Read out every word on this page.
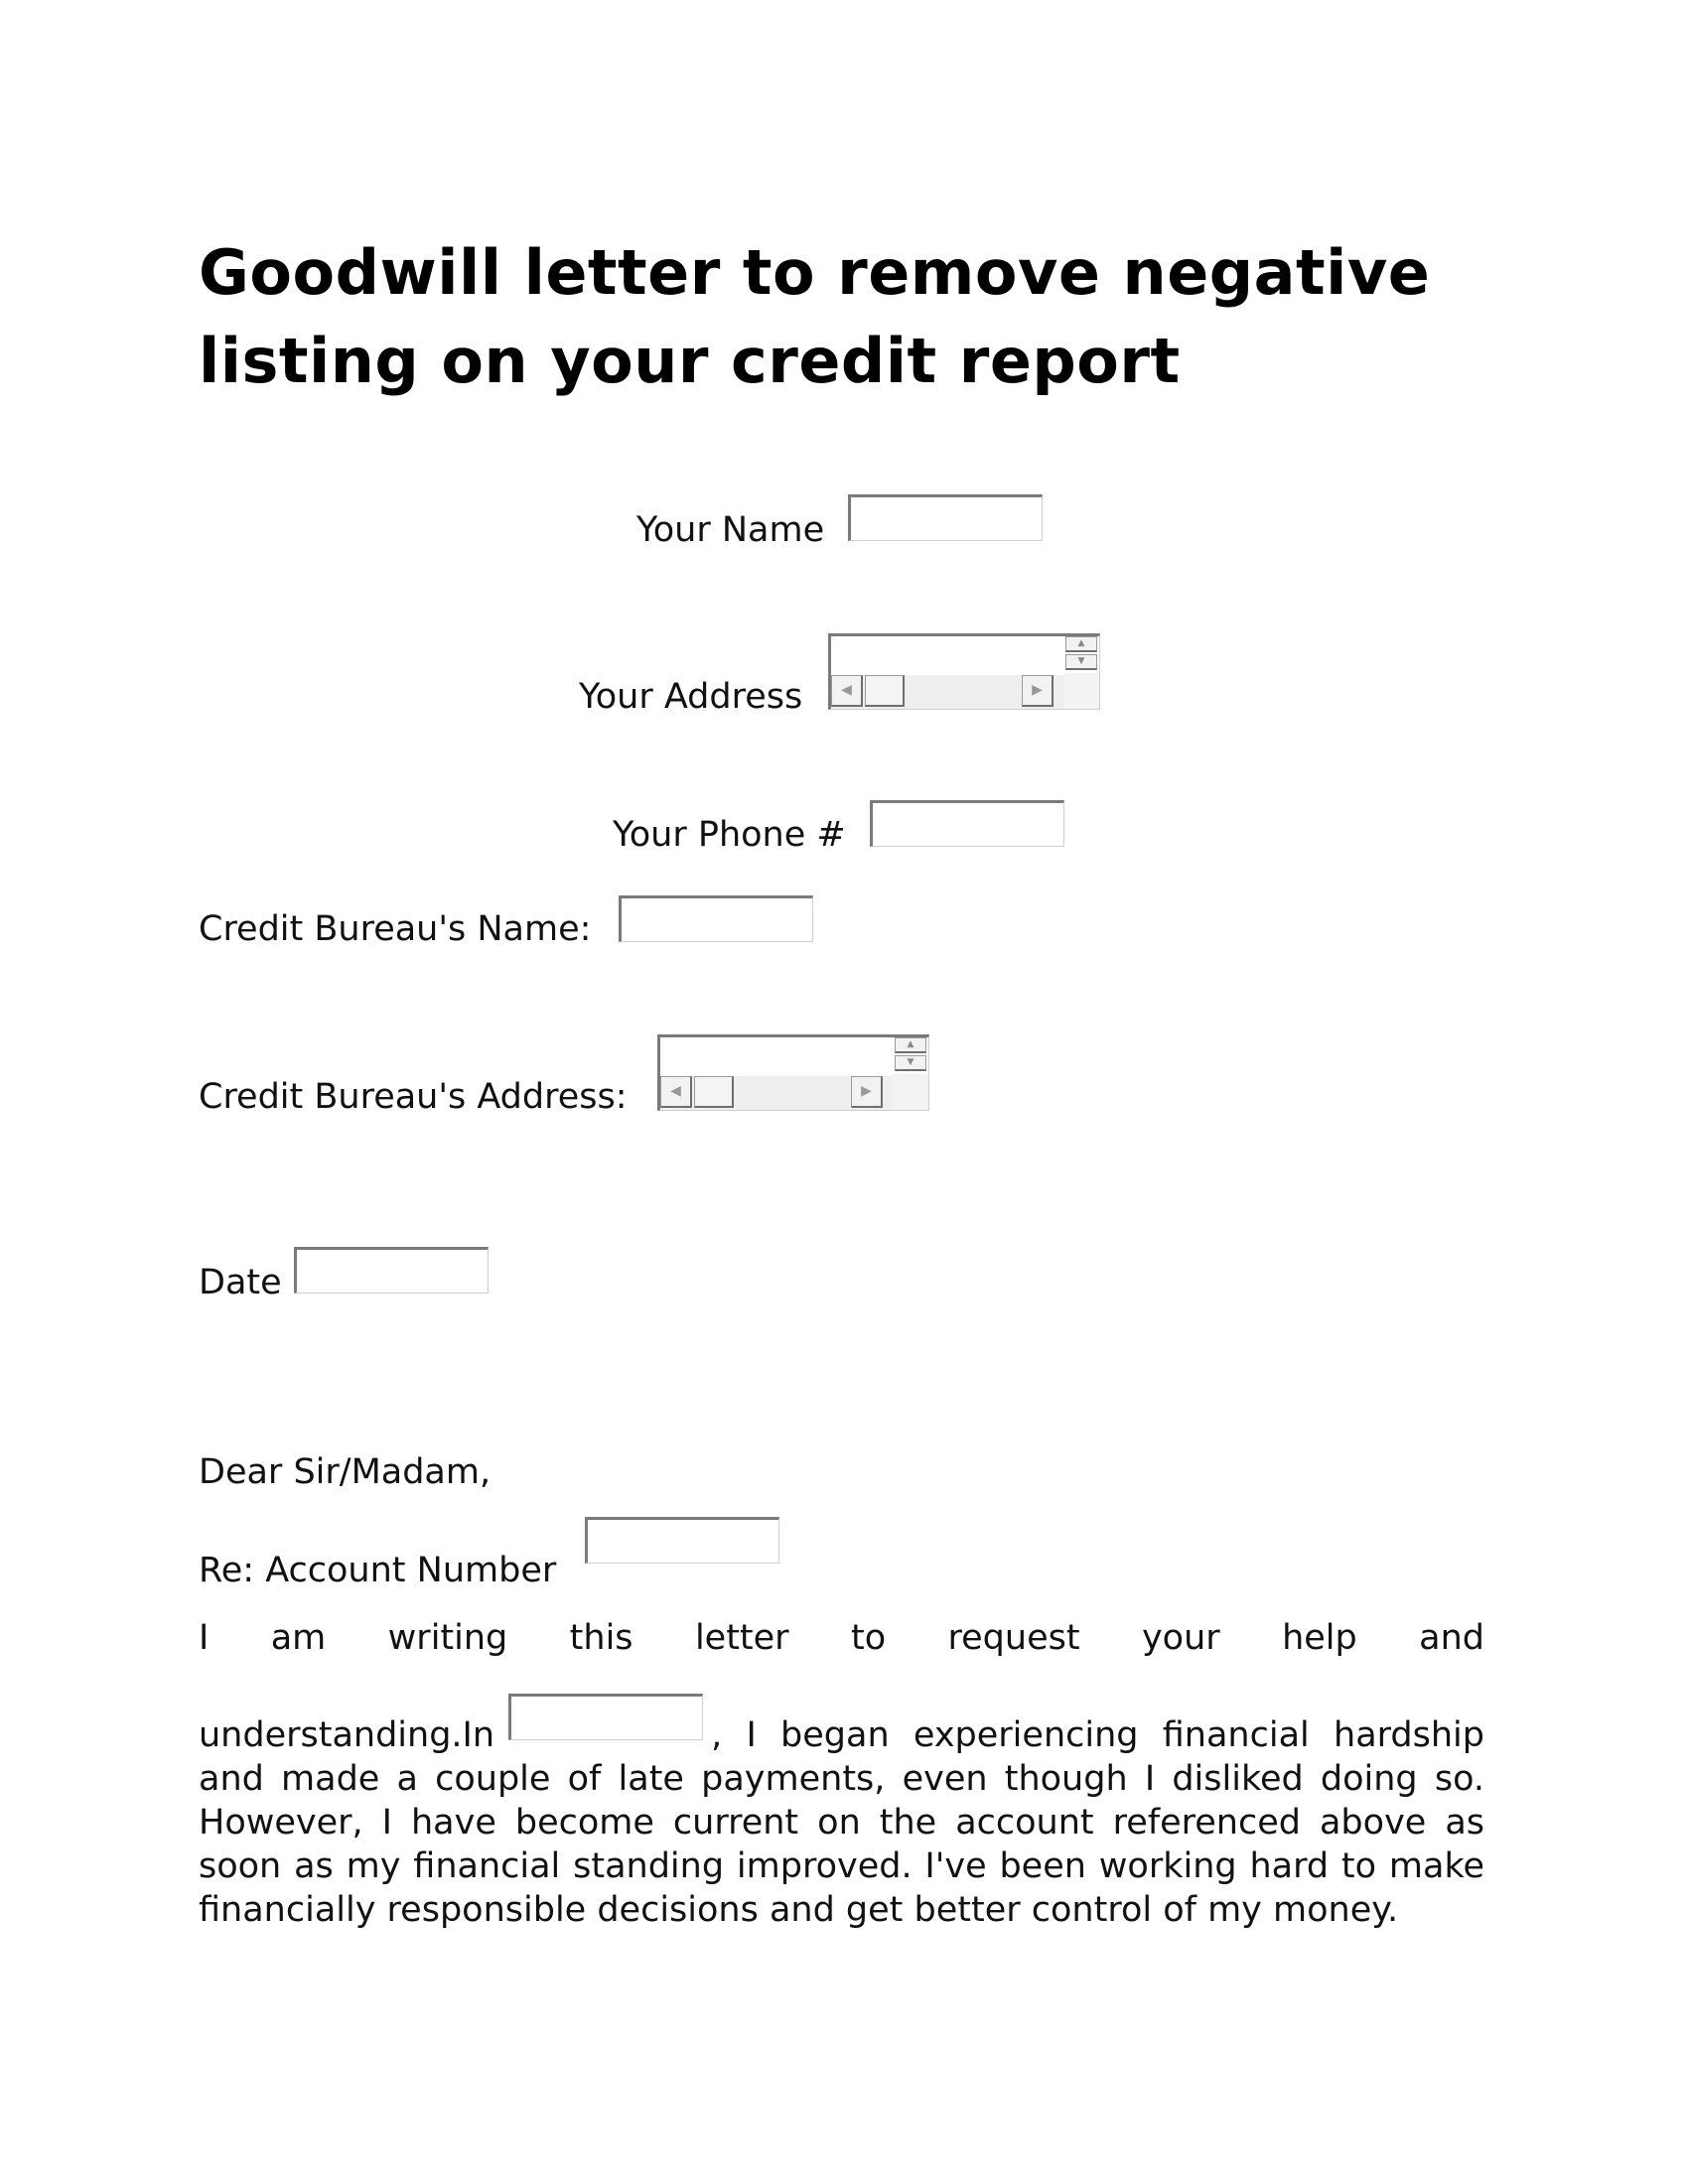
Goodwill letter to remove negative listing on your credit report
Your Name
Your Address
▲
▼
◀	▶
Your Phone #
Credit Bureau's Name:
Credit Bureau's Address:
▲
▼
◀	▶
Date
Dear Sir/Madam,
Re: Account Number
I am writing this letter to request your help and
understanding.In	, I began experiencing financial hardship
and made a couple of late payments, even though I disliked doing so. However, I have become current on the account referenced above as soon as my financial standing improved. I've been working hard to make financially responsible decisions and get better control of my money.
